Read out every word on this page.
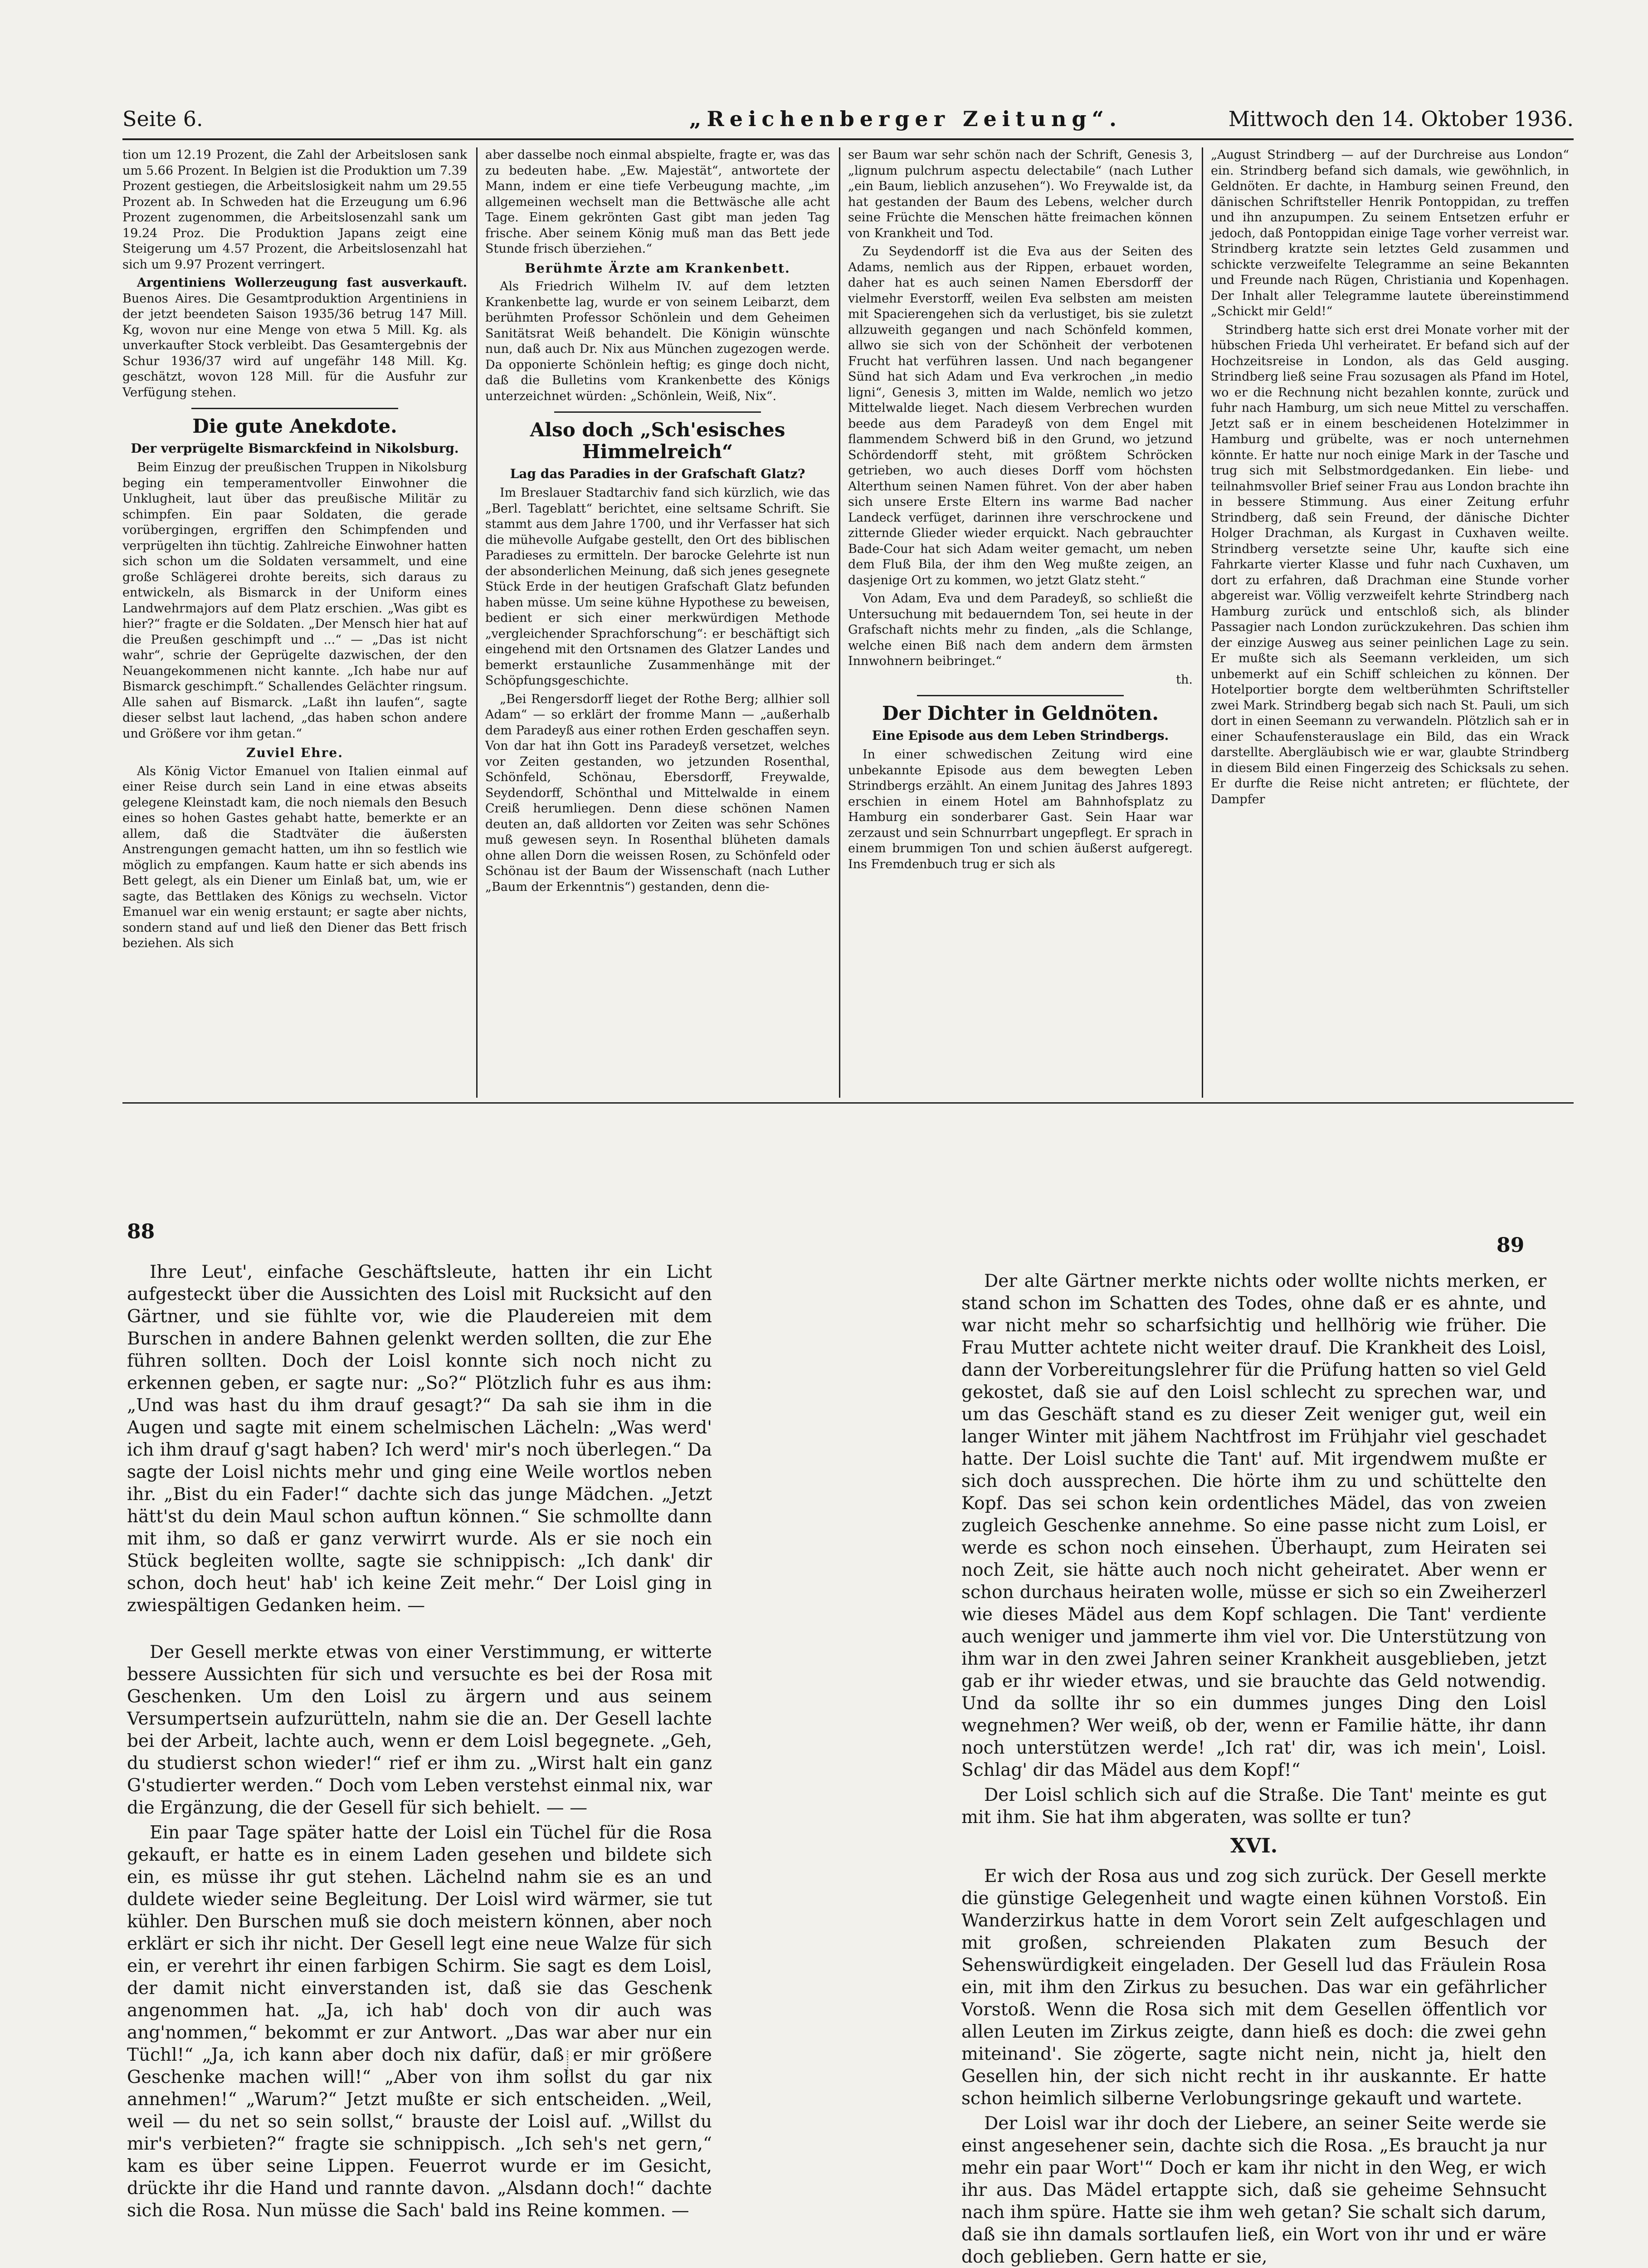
Seite 6.	„Reichenberger Zeitung“.	Mittwoch den 14. Oktober 1936.

tion um 12.19 Prozent, die Zahl der Arbeitslosen sank um 5.66 Prozent. In Belgien ist die Produktion um 7.39 Prozent gestiegen, die Arbeitslosigkeit nahm um 29.55 Prozent ab. In Schweden hat die Erzeugung um 6.96 Prozent zugenommen, die Arbeitslosenzahl sank um 19.24 Proz. Die Produktion Japans zeigt eine Steigerung um 4.57 Prozent, die Arbeitslosenzahl hat sich um 9.97 Prozent verringert.

Argentiniens Wollerzeugung fast ausverkauft. Buenos Aires. Die Gesamtproduktion Argentiniens in der jetzt beendeten Saison 1935/36 betrug 147 Mill. Kg, wovon nur eine Menge von etwa 5 Mill. Kg. als unverkaufter Stock verbleibt. Das Gesamtergebnis der Schur 1936/37 wird auf ungefähr 148 Mill. Kg. geschätzt, wovon 128 Mill. für die Ausfuhr zur Verfügung stehen.

Die gute Anekdote.
Der verprügelte Bismarckfeind in Nikolsburg.

Beim Einzug der preußischen Truppen in Nikolsburg beging ein temperamentvoller Einwohner die Unklugheit, laut über das preußische Militär zu schimpfen. Ein paar Soldaten, die gerade vorübergingen, ergriffen den Schimpfenden und verprügelten ihn tüchtig. Zahlreiche Einwohner hatten sich schon um die Soldaten versammelt, und eine große Schlägerei drohte bereits, sich daraus zu entwickeln, als Bismarck in der Uniform eines Landwehrmajors auf dem Platz erschien. „Was gibt es hier?“ fragte er die Soldaten. „Der Mensch hier hat auf die Preußen geschimpft und ...“ — „Das ist nicht wahr“, schrie der Geprügelte dazwischen, der den Neuangekommenen nicht kannte. „Ich habe nur auf Bismarck geschimpft.“ Schallendes Gelächter ringsum. Alle sahen auf Bismarck. „Laßt ihn laufen“, sagte dieser selbst laut lachend, „das haben schon andere und Größere vor ihm getan.“

Zuviel Ehre.

Als König Victor Emanuel von Italien einmal auf einer Reise durch sein Land in eine etwas abseits gelegene Kleinstadt kam, die noch niemals den Besuch eines so hohen Gastes gehabt hatte, bemerkte er an allem, daß die Stadtväter die äußersten Anstrengungen gemacht hatten, um ihn so festlich wie möglich zu empfangen. Kaum hatte er sich abends ins Bett gelegt, als ein Diener um Einlaß bat, um, wie er sagte, das Bettlaken des Königs zu wechseln. Victor Emanuel war ein wenig erstaunt; er sagte aber nichts, sondern stand auf und ließ den Diener das Bett frisch beziehen. Als sich

aber dasselbe noch einmal abspielte, fragte er, was das zu bedeuten habe. „Ew. Majestät“, antwortete der Mann, indem er eine tiefe Verbeugung machte, „im allgemeinen wechselt man die Bettwäsche alle acht Tage. Einem gekrönten Gast gibt man jeden Tag frische. Aber seinem König muß man das Bett jede Stunde frisch überziehen.“

Berühmte Ärzte am Krankenbett.

Als Friedrich Wilhelm IV. auf dem letzten Krankenbette lag, wurde er von seinem Leibarzt, dem berühmten Professor Schönlein und dem Geheimen Sanitätsrat Weiß behandelt. Die Königin wünschte nun, daß auch Dr. Nix aus München zugezogen werde. Da opponierte Schönlein heftig; es ginge doch nicht, daß die Bulletins vom Krankenbette des Königs unterzeichnet würden: „Schönlein, Weiß, Nix“.

Also doch „Sch'esisches Himmelreich“
Lag das Paradies in der Grafschaft Glatz?

Im Breslauer Stadtarchiv fand sich kürzlich, wie das „Berl. Tageblatt“ berichtet, eine seltsame Schrift. Sie stammt aus dem Jahre 1700, und ihr Verfasser hat sich die mühevolle Aufgabe gestellt, den Ort des biblischen Paradieses zu ermitteln. Der barocke Gelehrte ist nun der absonderlichen Meinung, daß sich jenes gesegnete Stück Erde in der heutigen Grafschaft Glatz befunden haben müsse. Um seine kühne Hypothese zu beweisen, bedient er sich einer merkwürdigen Methode „vergleichender Sprachforschung“: er beschäftigt sich eingehend mit den Ortsnamen des Glatzer Landes und bemerkt erstaunliche Zusammenhänge mit der Schöpfungsgeschichte.

„Bei Rengersdorff lieget der Rothe Berg; allhier soll Adam“ — so erklärt der fromme Mann — „außerhalb dem Paradeyß aus einer rothen Erden geschaffen seyn. Von dar hat ihn Gott ins Paradeyß versetzet, welches vor Zeiten gestanden, wo jetzunden Rosenthal, Schönfeld, Schönau, Ebersdorff, Freywalde, Seydendorff, Schönthal und Mittelwalde in einem Creiß herumliegen. Denn diese schönen Namen deuten an, daß alldorten vor Zeiten was sehr Schönes muß gewesen seyn. In Rosenthal blüheten damals ohne allen Dorn die weissen Rosen, zu Schönfeld oder Schönau ist der Baum der Wissenschaft (nach Luther „Baum der Erkenntnis“) gestanden, denn die-

ser Baum war sehr schön nach der Schrift, Genesis 3, „lignum pulchrum aspectu delectabile“ (nach Luther „ein Baum, lieblich anzusehen“). Wo Freywalde ist, da hat gestanden der Baum des Lebens, welcher durch seine Früchte die Menschen hätte freimachen können von Krankheit und Tod.

Zu Seydendorff ist die Eva aus der Seiten des Adams, nemlich aus der Rippen, erbauet worden, daher hat es auch seinen Namen Ebersdorff der vielmehr Everstorff, weilen Eva selbsten am meisten mit Spacierengehen sich da verlustiget, bis sie zuletzt allzuweith gegangen und nach Schönfeld kommen, allwo sie sich von der Schönheit der verbotenen Frucht hat verführen lassen. Und nach begangener Sünd hat sich Adam und Eva verkrochen „in medio ligni“, Genesis 3, mitten im Walde, nemlich wo jetzo Mittelwalde lieget. Nach diesem Verbrechen wurden beede aus dem Paradeyß von dem Engel mit flammendem Schwerd biß in den Grund, wo jetzund Schördendorff steht, mit größtem Schröcken getrieben, wo auch dieses Dorff vom höchsten Alterthum seinen Namen führet. Von der aber haben sich unsere Erste Eltern ins warme Bad nacher Landeck verfüget, darinnen ihre verschrockene und zitternde Glieder wieder erquickt. Nach gebrauchter Bade-Cour hat sich Adam weiter gemacht, um neben dem Fluß Bila, der ihm den Weg mußte zeigen, an dasjenige Ort zu kommen, wo jetzt Glatz steht.“

Von Adam, Eva und dem Paradeyß, so schließt die Untersuchung mit bedauerndem Ton, sei heute in der Grafschaft nichts mehr zu finden, „als die Schlange, welche einen Biß nach dem andern dem ärmsten Innwohnern beibringet.“

th.

Der Dichter in Geldnöten.
Eine Episode aus dem Leben Strindbergs.

In einer schwedischen Zeitung wird eine unbekannte Episode aus dem bewegten Leben Strindbergs erzählt. An einem Junitag des Jahres 1893 erschien in einem Hotel am Bahnhofsplatz zu Hamburg ein sonderbarer Gast. Sein Haar war zerzaust und sein Schnurrbart ungepflegt. Er sprach in einem brummigen Ton und schien äußerst aufgeregt. Ins Fremdenbuch trug er sich als

„August Strindberg — auf der Durchreise aus London“ ein. Strindberg befand sich damals, wie gewöhnlich, in Geldnöten. Er dachte, in Hamburg seinen Freund, den dänischen Schriftsteller Henrik Pontoppidan, zu treffen und ihn anzupumpen. Zu seinem Entsetzen erfuhr er jedoch, daß Pontoppidan einige Tage vorher verreist war. Strindberg kratzte sein letztes Geld zusammen und schickte verzweifelte Telegramme an seine Bekannten und Freunde nach Rügen, Christiania und Kopenhagen. Der Inhalt aller Telegramme lautete übereinstimmend „Schickt mir Geld!“

Strindberg hatte sich erst drei Monate vorher mit der hübschen Frieda Uhl verheiratet. Er befand sich auf der Hochzeitsreise in London, als das Geld ausging. Strindberg ließ seine Frau sozusagen als Pfand im Hotel, wo er die Rechnung nicht bezahlen konnte, zurück und fuhr nach Hamburg, um sich neue Mittel zu verschaffen. Jetzt saß er in einem bescheidenen Hotelzimmer in Hamburg und grübelte, was er noch unternehmen könnte. Er hatte nur noch einige Mark in der Tasche und trug sich mit Selbstmordgedanken. Ein liebe- und teilnahmsvoller Brief seiner Frau aus London brachte ihn in bessere Stimmung. Aus einer Zeitung erfuhr Strindberg, daß sein Freund, der dänische Dichter Holger Drachman, als Kurgast in Cuxhaven weilte. Strindberg versetzte seine Uhr, kaufte sich eine Fahrkarte vierter Klasse und fuhr nach Cuxhaven, um dort zu erfahren, daß Drachman eine Stunde vorher abgereist war. Völlig verzweifelt kehrte Strindberg nach Hamburg zurück und entschloß sich, als blinder Passagier nach London zurückzukehren. Das schien ihm der einzige Ausweg aus seiner peinlichen Lage zu sein. Er mußte sich als Seemann verkleiden, um sich unbemerkt auf ein Schiff schleichen zu können. Der Hotelportier borgte dem weltberühmten Schriftsteller zwei Mark. Strindberg begab sich nach St. Pauli, um sich dort in einen Seemann zu verwandeln. Plötzlich sah er in einer Schaufensterauslage ein Bild, das ein Wrack darstellte. Abergläubisch wie er war, glaubte Strindberg in diesem Bild einen Fingerzeig des Schicksals zu sehen. Er durfte die Reise nicht antreten; er flüchtete, der Dampfer

88
89

Ihre Leut', einfache Geschäftsleute, hatten ihr ein Licht aufgesteckt über die Aussichten des Loisl mit Rucksicht auf den Gärtner, und sie fühlte vor, wie die Plaudereien mit dem Burschen in andere Bahnen gelenkt werden sollten, die zur Ehe führen sollten. Doch der Loisl konnte sich noch nicht zu erkennen geben, er sagte nur: „So?“ Plötzlich fuhr es aus ihm: „Und was hast du ihm drauf gesagt?“ Da sah sie ihm in die Augen und sagte mit einem schelmischen Lächeln: „Was werd' ich ihm drauf g'sagt haben? Ich werd' mir's noch überlegen.“ Da sagte der Loisl nichts mehr und ging eine Weile wortlos neben ihr. „Bist du ein Fader!“ dachte sich das junge Mädchen. „Jetzt hätt'st du dein Maul schon auftun können.“ Sie schmollte dann mit ihm, so daß er ganz verwirrt wurde. Als er sie noch ein Stück begleiten wollte, sagte sie schnippisch: „Ich dank' dir schon, doch heut' hab' ich keine Zeit mehr.“ Der Loisl ging in zwiespältigen Gedanken heim. —

Der Gesell merkte etwas von einer Verstimmung, er witterte bessere Aussichten für sich und versuchte es bei der Rosa mit Geschenken. Um den Loisl zu ärgern und aus seinem Versumpertsein aufzurütteln, nahm sie die an. Der Gesell lachte bei der Arbeit, lachte auch, wenn er dem Loisl begegnete. „Geh, du studierst schon wieder!“ rief er ihm zu. „Wirst halt ein ganz G'studierter werden.“ Doch vom Leben verstehst einmal nix, war die Ergänzung, die der Gesell für sich behielt. — —

Ein paar Tage später hatte der Loisl ein Tüchel für die Rosa gekauft, er hatte es in einem Laden gesehen und bildete sich ein, es müsse ihr gut stehen. Lächelnd nahm sie es an und duldete wieder seine Begleitung. Der Loisl wird wärmer, sie tut kühler. Den Burschen muß sie doch meistern können, aber noch erklärt er sich ihr nicht. Der Gesell legt eine neue Walze für sich ein, er verehrt ihr einen farbigen Schirm. Sie sagt es dem Loisl, der damit nicht einverstanden ist, daß sie das Geschenk angenommen hat. „Ja, ich hab' doch von dir auch was ang'nommen,“ bekommt er zur Antwort. „Das war aber nur ein Tüchl!“ „Ja, ich kann aber doch nix dafür, daß er mir größere Geschenke machen will!“ „Aber von ihm sollst du gar nix annehmen!“ „Warum?“ Jetzt mußte er sich entscheiden. „Weil, weil — du net so sein sollst,“ brauste der Loisl auf. „Willst du mir's verbieten?“ fragte sie schnippisch. „Ich seh's net gern,“ kam es über seine Lippen. Feuerrot wurde er im Gesicht, drückte ihr die Hand und rannte davon. „Alsdann doch!“ dachte sich die Rosa. Nun müsse die Sach' bald ins Reine kommen. —

Der alte Gärtner merkte nichts oder wollte nichts merken, er stand schon im Schatten des Todes, ohne daß er es ahnte, und war nicht mehr so scharfsichtig und hellhörig wie früher. Die Frau Mutter achtete nicht weiter drauf. Die Krankheit des Loisl, dann der Vorbereitungslehrer für die Prüfung hatten so viel Geld gekostet, daß sie auf den Loisl schlecht zu sprechen war, und um das Geschäft stand es zu dieser Zeit weniger gut, weil ein langer Winter mit jähem Nachtfrost im Frühjahr viel geschadet hatte. Der Loisl suchte die Tant' auf. Mit irgendwem mußte er sich doch aussprechen. Die hörte ihm zu und schüttelte den Kopf. Das sei schon kein ordentliches Mädel, das von zweien zugleich Geschenke annehme. So eine passe nicht zum Loisl, er werde es schon noch einsehen. Überhaupt, zum Heiraten sei noch Zeit, sie hätte auch noch nicht geheiratet. Aber wenn er schon durchaus heiraten wolle, müsse er sich so ein Zweiherzerl wie dieses Mädel aus dem Kopf schlagen. Die Tant' verdiente auch weniger und jammerte ihm viel vor. Die Unterstützung von ihm war in den zwei Jahren seiner Krankheit ausgeblieben, jetzt gab er ihr wieder etwas, und sie brauchte das Geld notwendig. Und da sollte ihr so ein dummes junges Ding den Loisl wegnehmen? Wer weiß, ob der, wenn er Familie hätte, ihr dann noch unterstützen werde! „Ich rat' dir, was ich mein', Loisl. Schlag' dir das Mädel aus dem Kopf!“

Der Loisl schlich sich auf die Straße. Die Tant' meinte es gut mit ihm. Sie hat ihm abgeraten, was sollte er tun?

XVI.

Er wich der Rosa aus und zog sich zurück. Der Gesell merkte die günstige Gelegenheit und wagte einen kühnen Vorstoß. Ein Wanderzirkus hatte in dem Vorort sein Zelt aufgeschlagen und mit großen, schreienden Plakaten zum Besuch der Sehenswürdigkeit eingeladen. Der Gesell lud das Fräulein Rosa ein, mit ihm den Zirkus zu besuchen. Das war ein gefährlicher Vorstoß. Wenn die Rosa sich mit dem Gesellen öffentlich vor allen Leuten im Zirkus zeigte, dann hieß es doch: die zwei gehn miteinand'. Sie zögerte, sagte nicht nein, nicht ja, hielt den Gesellen hin, der sich nicht recht in ihr auskannte. Er hatte schon heimlich silberne Verlobungsringe gekauft und wartete.

Der Loisl war ihr doch der Liebere, an seiner Seite werde sie einst angesehener sein, dachte sich die Rosa. „Es braucht ja nur mehr ein paar Wort'“ Doch er kam ihr nicht in den Weg, er wich ihr aus. Das Mädel ertappte sich, daß sie geheime Sehnsucht nach ihm spüre. Hatte sie ihm weh getan? Sie schalt sich darum, daß sie ihn damals sortlaufen ließ, ein Wort von ihr und er wäre doch geblieben. Gern hatte er sie,
